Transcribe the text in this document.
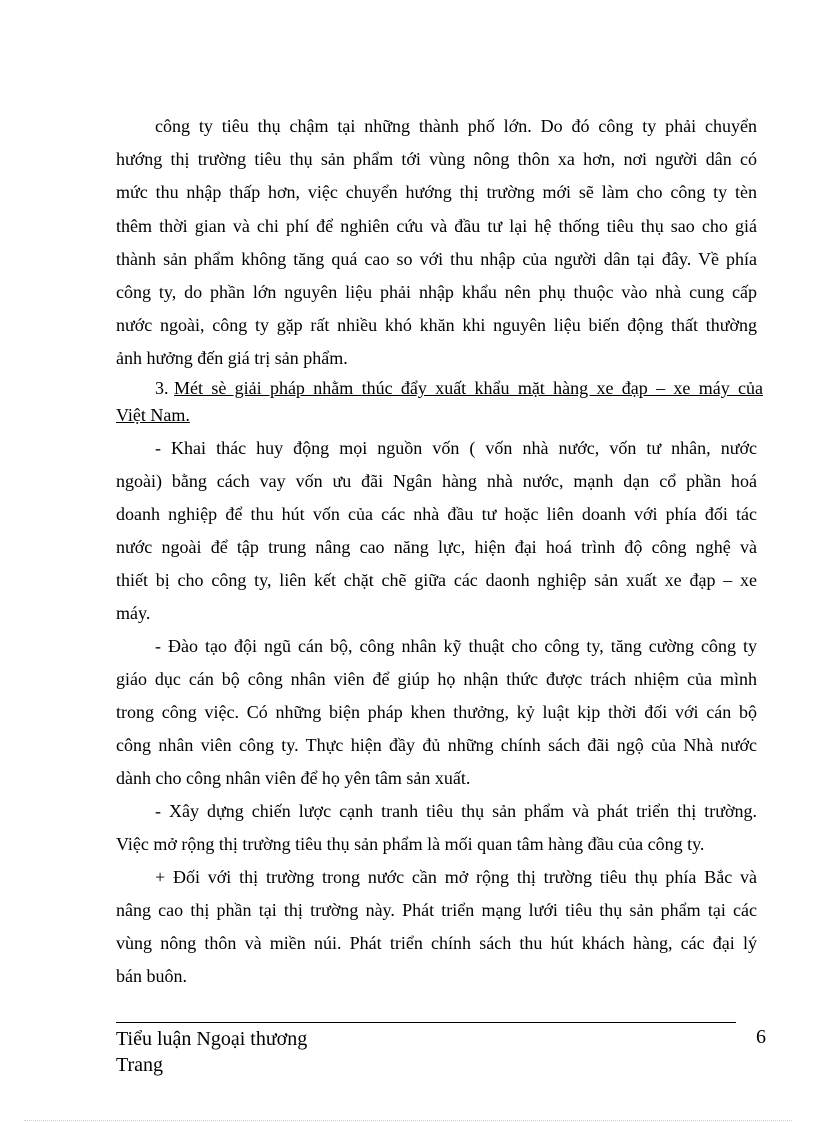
công ty tiêu thụ chậm tại những thành phố lớn. Do đó công ty phải chuyển
hướng thị trường tiêu thụ sản phẩm tới vùng nông thôn xa hơn, nơi người dân có
mức thu nhập thấp hơn, việc chuyển hướng thị trường mới sẽ làm cho công ty tèn
thêm thời gian và chi phí để nghiên cứu và đầu tư lại hệ thống tiêu thụ sao cho giá
thành sản phẩm không tăng quá cao so với thu nhập của người dân tại đây. Về phía
công ty, do phần lớn nguyên liệu phải nhập khẩu nên phụ thuộc vào nhà cung cấp
nước ngoài, công ty gặp rất nhiều khó khăn khi nguyên liệu biến động thất thường
ảnh hưởng đến giá trị sản phẩm.
3. Mét sè giải pháp nhằm thúc đẩy xuất khẩu mặt hàng xe đạp – xe máy của
Việt Nam.
- Khai thác huy động mọi nguồn vốn ( vốn nhà nước, vốn tư nhân, nước
ngoài) bằng cách vay vốn ưu đãi Ngân hàng nhà nước, mạnh dạn cổ phần hoá
doanh nghiệp để thu hút vốn của các nhà đầu tư hoặc liên doanh với phía đối tác
nước ngoài để tập trung nâng cao năng lực, hiện đại hoá trình độ công nghệ và
thiết bị cho công ty, liên kết chặt chẽ giữa các daonh nghiệp sản xuất xe đạp – xe
máy.
- Đào tạo đội ngũ cán bộ, công nhân kỹ thuật cho công ty, tăng cường công ty
giáo dục cán bộ công nhân viên để giúp họ nhận thức được trách nhiệm của mình
trong công việc. Có những biện pháp khen thưởng, kỷ luật kịp thời đối với cán bộ
công nhân viên công ty. Thực hiện đầy đủ những chính sách đãi ngộ của Nhà nước
dành cho công nhân viên để họ yên tâm sản xuất.
- Xây dựng chiến lược cạnh tranh tiêu thụ sản phẩm và phát triển thị trường.
Việc mở rộng thị trường tiêu thụ sản phẩm là mối quan tâm hàng đầu của công ty.
+ Đối với thị trường trong nước cần mở rộng thị trường tiêu thụ phía Bắc và
nâng cao thị phần tại thị trường này. Phát triển mạng lưới tiêu thụ sản phẩm tại các
vùng nông thôn và miền núi. Phát triển chính sách thu hút khách hàng, các đại lý
bán buôn.
Tiểu luận Ngoại thương
Trang
6
